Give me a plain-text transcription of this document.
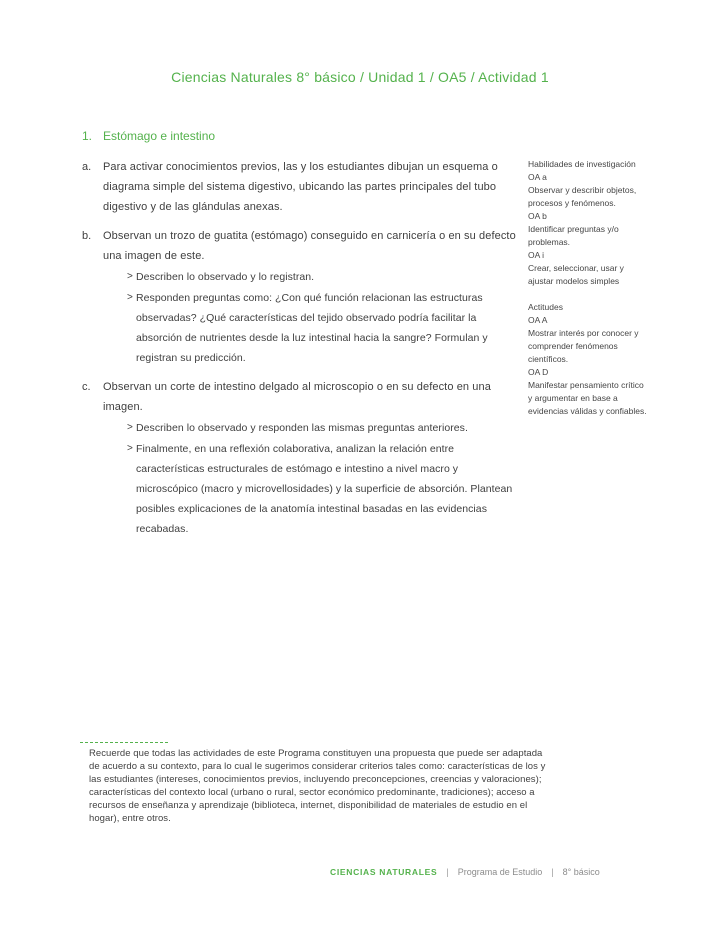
Ciencias Naturales 8° básico / Unidad 1 / OA5 / Actividad 1
1. Estómago e intestino
a. Para activar conocimientos previos, las y los estudiantes dibujan un esquema o diagrama simple del sistema digestivo, ubicando las partes principales del tubo digestivo y de las glándulas anexas.
b. Observan un trozo de guatita (estómago) conseguido en carnicería o en su defecto una imagen de este.
> Describen lo observado y lo registran.
> Responden preguntas como: ¿Con qué función relacionan las estructuras observadas? ¿Qué características del tejido observado podría facilitar la absorción de nutrientes desde la luz intestinal hacia la sangre? Formulan y registran su predicción.
c. Observan un corte de intestino delgado al microscopio o en su defecto en una imagen.
> Describen lo observado y responden las mismas preguntas anteriores.
> Finalmente, en una reflexión colaborativa, analizan la relación entre características estructurales de estómago e intestino a nivel macro y microscópico (macro y microvellosidades) y la superficie de absorción. Plantean posibles explicaciones de la anatomía intestinal basadas en las evidencias recabadas.
Habilidades de investigación
OA a
Observar y describir objetos, procesos y fenómenos.
OA b
Identificar preguntas y/o problemas.
OA i
Crear, seleccionar, usar y ajustar modelos simples
Actitudes
OA A
Mostrar interés por conocer y comprender fenómenos científicos.
OA D
Manifestar pensamiento crítico y argumentar en base a evidencias válidas y confiables.
Recuerde que todas las actividades de este Programa constituyen una propuesta que puede ser adaptada de acuerdo a su contexto, para lo cual le sugerimos considerar criterios tales como: características de los y las estudiantes (intereses, conocimientos previos, incluyendo preconcepciones, creencias y valoraciones); características del contexto local (urbano o rural, sector económico predominante, tradiciones); acceso a recursos de enseñanza y aprendizaje (biblioteca, internet, disponibilidad de materiales de estudio en el hogar), entre otros.
CIENCIAS NATURALES | Programa de Estudio | 8° básico
